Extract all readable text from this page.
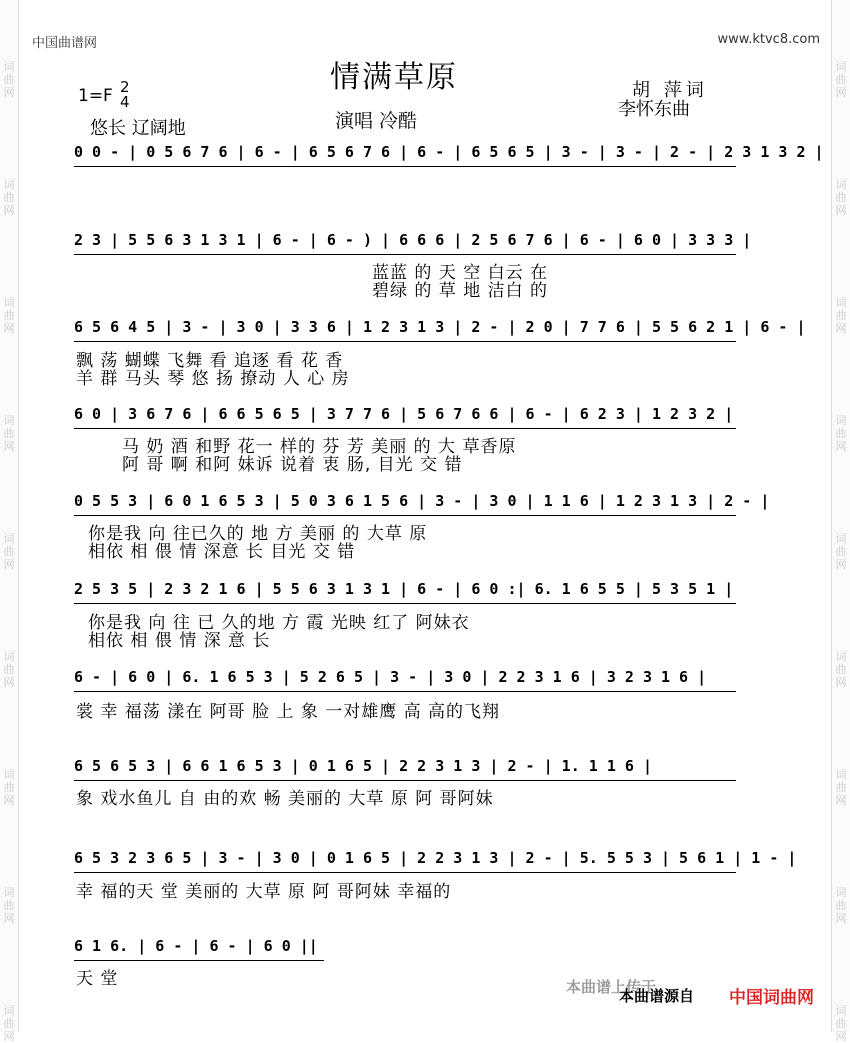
词
曲
网
词
曲
网
词
曲
网
词
曲
网
词
曲
网
词
曲
网
词
曲
网
词
曲
网
词
曲
网
词
曲
网
词
曲
网
词
曲
网
词
曲
网
词
曲
网
词
曲
网
词
曲
网
词
曲
网
词
曲
网
中国曲谱网	www.ktvc8.com
情满草原
1=F 2
4
悠长 辽阔地	演唱 冷酷
胡 萍词
李怀东曲
0 0 - | 0 5 6 7 6 | 6 - | 6 5 6 7 6 | 6 - | 6 5 6 5 | 3 - | 3 - | 2 - | 2 3 1 3 2 |
2 3 | 5 5 6 3 1 3 1 | 6 - | 6 - ) | 6 6 6 | 2 5 6 7 6 | 6 - | 6 0 | 3 3 3 |
蓝蓝 的 天 空 白云 在
碧绿 的 草 地 洁白 的
6 5 6 4 5 | 3 - | 3 0 | 3 3 6 | 1 2 3 1 3 | 2 - | 2 0 | 7 7 6 | 5 5 6 2 1 | 6 - |
飘 荡 蝴蝶 飞舞 看 追逐 看 花 香
羊 群 马头 琴 悠 扬 撩动 人 心 房
6 0 | 3 6 7 6 | 6 6 5 6 5 | 3 7 7 6 | 5 6 7 6 6 | 6 - | 6 2 3 | 1 2 3 2 |
马 奶 酒 和野 花一 样的 芬 芳 美丽 的 大 草香原
阿 哥 啊 和阿 妹诉 说着 衷 肠, 目光 交 错
0 5 5 3 | 6 0 1 6 5 3 | 5 0 3 6 1 5 6 | 3 - | 3 0 | 1 1 6 | 1 2 3 1 3 | 2 - |
你是我 向 往已久的 地 方 美丽 的 大草 原
相依 相 偎 情 深意 长 目光 交 错
2 5 3 5 | 2 3 2 1 6 | 5 5 6 3 1 3 1 | 6 - | 6 0 :| 6. 1 6 5 5 | 5 3 5 1 |
你是我 向 往 已 久的地 方 霞 光映 红了 阿妹衣
相依 相 偎 情 深 意 长
6 - | 6 0 | 6. 1 6 5 3 | 5 2 6 5 | 3 - | 3 0 | 2 2 3 1 6 | 3 2 3 1 6 |
裳 幸 福荡 漾在 阿哥 脸 上 象 一对雄鹰 高 高的飞翔
6 5 6 5 3 | 6 6 1 6 5 3 | 0 1 6 5 | 2 2 3 1 3 | 2 - | 1. 1 1 6 |
象 戏水鱼儿 自 由的欢 畅 美丽的 大草 原 阿 哥阿妹
6 5 3 2 3 6 5 | 3 - | 3 0 | 0 1 6 5 | 2 2 3 1 3 | 2 - | 5. 5 5 3 | 5 6 1 | 1 - |
幸 福的天 堂 美丽的 大草 原 阿 哥阿妹 幸福的
6 1 6. | 6 - | 6 - | 6 0 ||
天 堂	本曲谱上传于
本曲谱源自 中国词曲网
